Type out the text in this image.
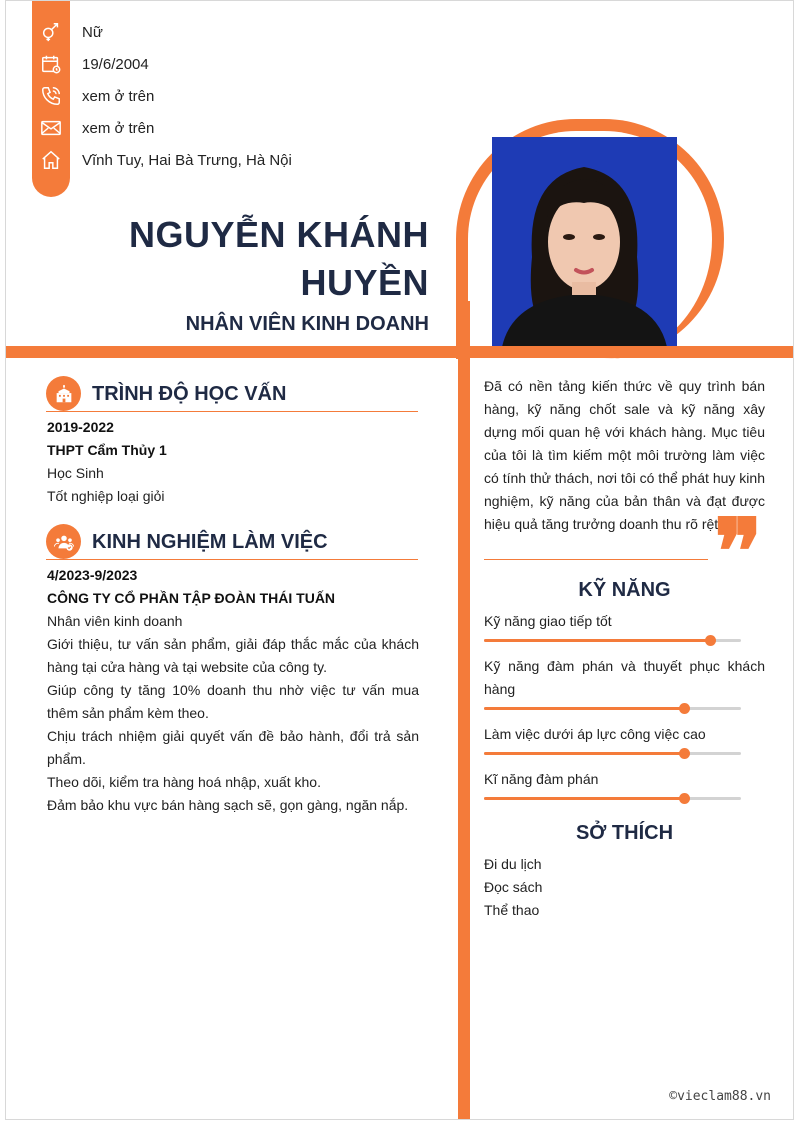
Nữ
19/6/2004
xem ở trên
xem ở trên
Vĩnh Tuy, Hai Bà Trưng, Hà Nội
NGUYỄN KHÁNH
HUYỀN
NHÂN VIÊN KINH DOANH
TRÌNH ĐỘ HỌC VẤN
2019-2022
THPT Cẩm Thủy 1
Học Sinh
Tốt nghiệp loại giỏi
KINH NGHIỆM LÀM VIỆC
4/2023-9/2023
CÔNG TY CỔ PHẦN TẬP ĐOÀN THÁI TUẤN
Nhân viên kinh doanh
Giới thiệu, tư vấn sản phẩm, giải đáp thắc mắc của khách hàng tại cửa hàng và tại website của công ty.
Giúp công ty tăng 10% doanh thu nhờ việc tư vấn mua thêm sản phẩm kèm theo.
Chịu trách nhiệm giải quyết vấn đề bảo hành, đổi trả sản phẩm.
Theo dõi, kiểm tra hàng hoá nhập, xuất kho.
Đảm bảo khu vực bán hàng sạch sẽ, gọn gàng, ngăn nắp.
Đã có nền tảng kiến thức về quy trình bán hàng, kỹ năng chốt sale và kỹ năng xây dựng mối quan hệ với khách hàng. Mục tiêu của tôi là tìm kiếm một môi trường làm việc có tính thử thách, nơi tôi có thể phát huy kinh nghiệm, kỹ năng của bản thân và đạt được hiệu quả tăng trưởng doanh thu rõ rệt
❞
KỸ NĂNG
Kỹ năng giao tiếp tốt
Kỹ năng đàm phán và thuyết phục khách hàng
Làm việc dưới áp lực công việc cao
Kĩ năng đàm phán
SỞ THÍCH
Đi du lịch
Đọc sách
Thể thao
©vieclam88.vn
